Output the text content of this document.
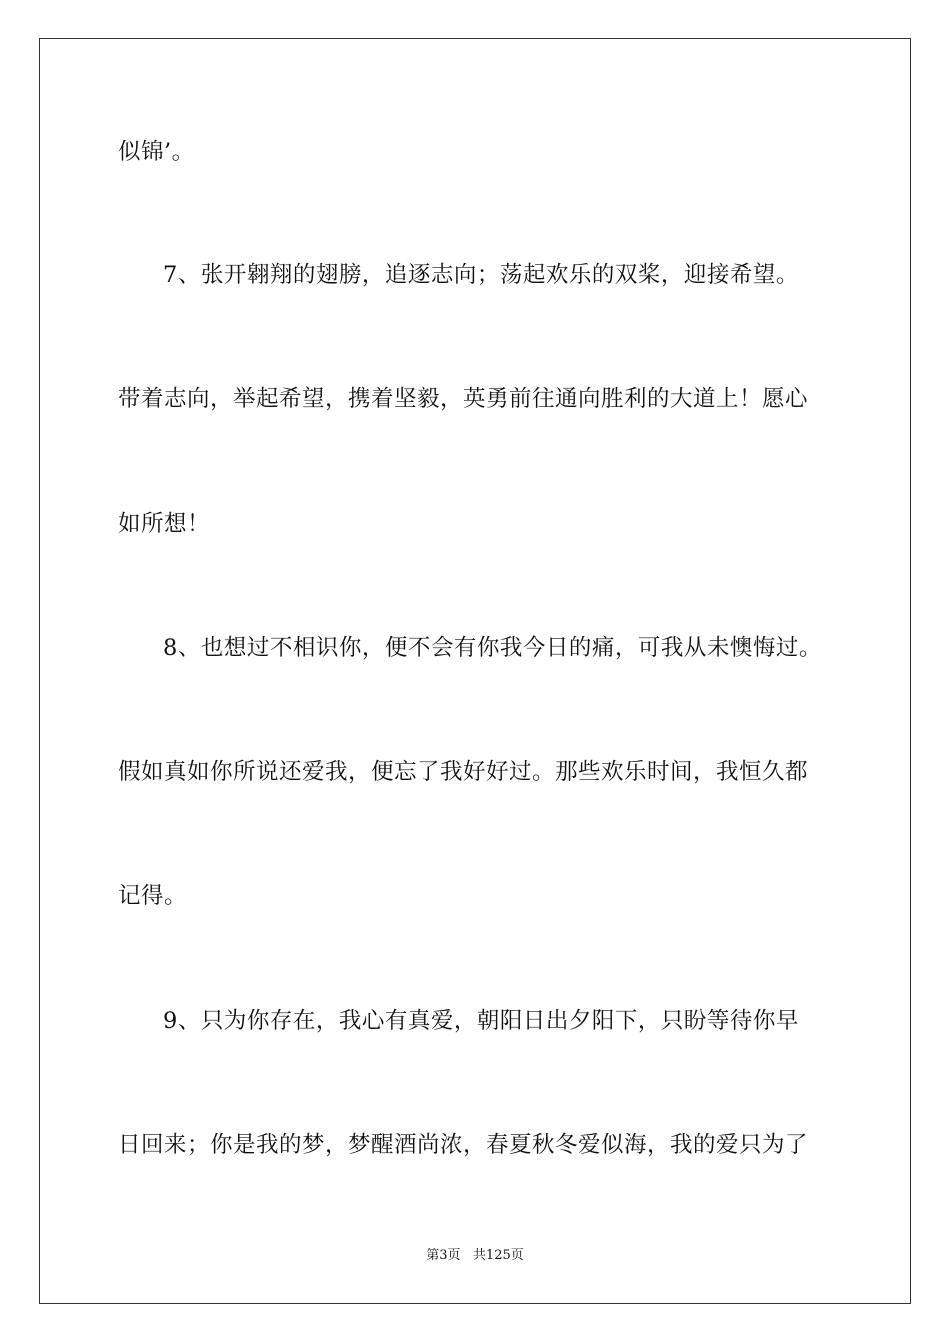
似锦’。
7、张开翱翔的翅膀，追逐志向；荡起欢乐的双桨，迎接希望。
带着志向，举起希望，携着坚毅，英勇前往通向胜利的大道上！愿心
如所想！
8、也想过不相识你，便不会有你我今日的痛，可我从未懊悔过。
假如真如你所说还爱我，便忘了我好好过。那些欢乐时间，我恒久都
记得。
9、只为你存在，我心有真爱，朝阳日出夕阳下，只盼等待你早
日回来；你是我的梦，梦醒酒尚浓，春夏秋冬爱似海，我的爱只为了
第3页   共125页
